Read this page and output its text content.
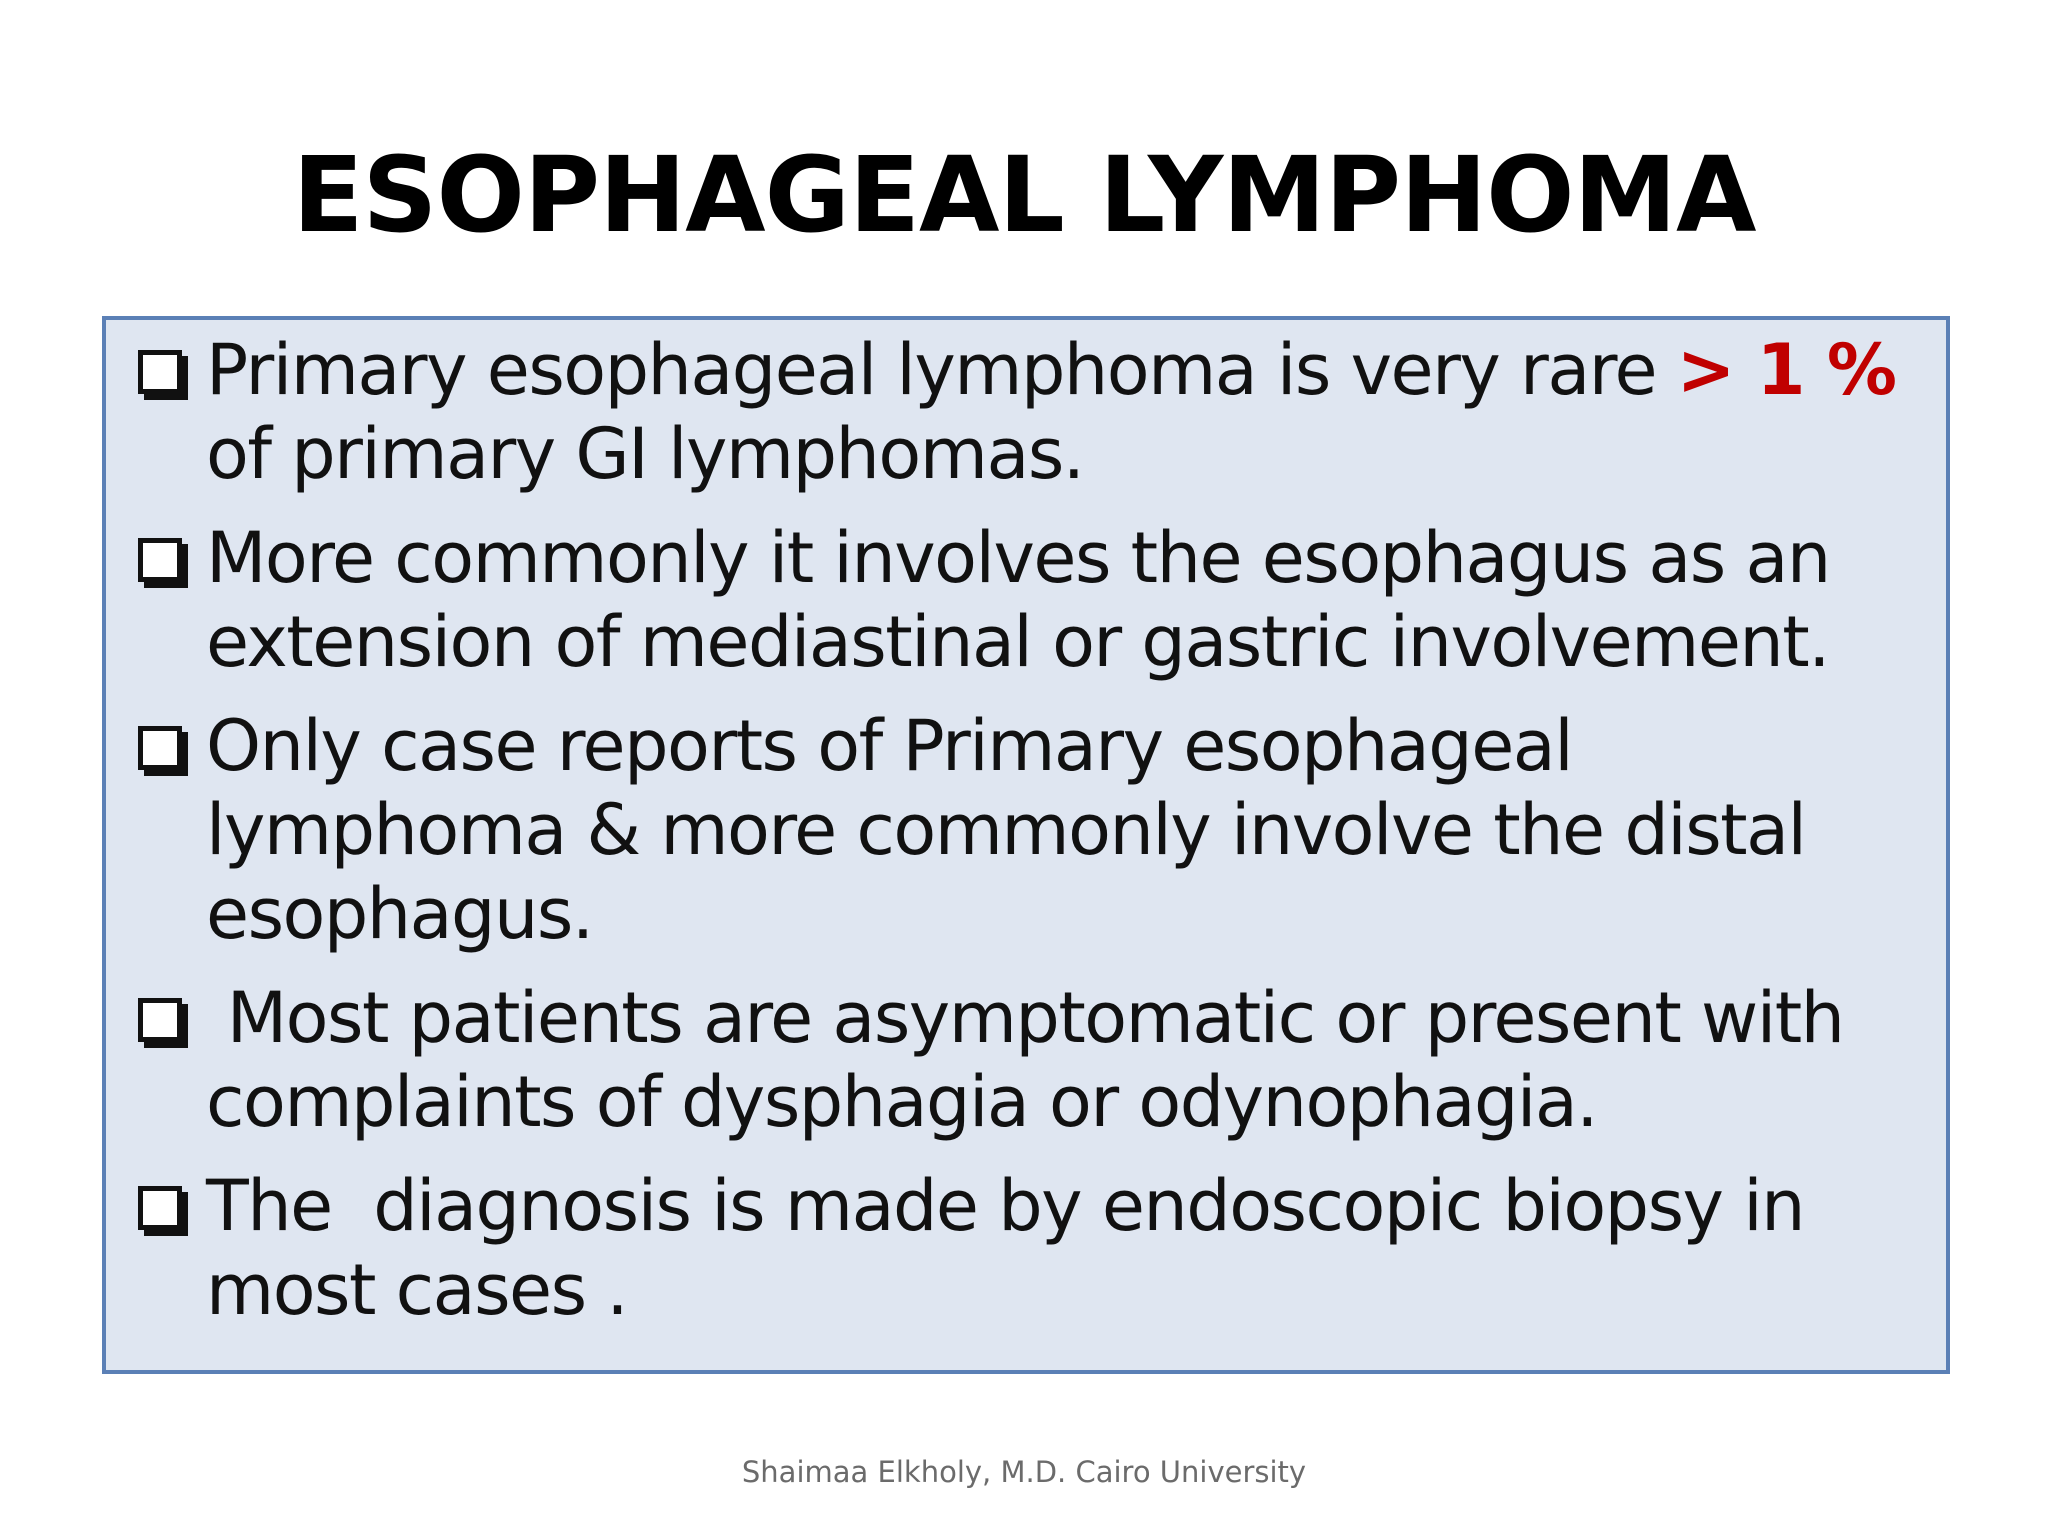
ESOPHAGEAL LYMPHOMA
Primary esophageal lymphoma is very rare > 1 % of primary GI lymphomas.
More commonly it involves the esophagus as an extension of mediastinal or gastric involvement.
Only case reports of Primary esophageal lymphoma & more commonly involve the distal esophagus.
Most patients are asymptomatic or present with complaints of dysphagia or odynophagia.
The  diagnosis is made by endoscopic biopsy in most cases .
Shaimaa Elkholy, M.D. Cairo University
